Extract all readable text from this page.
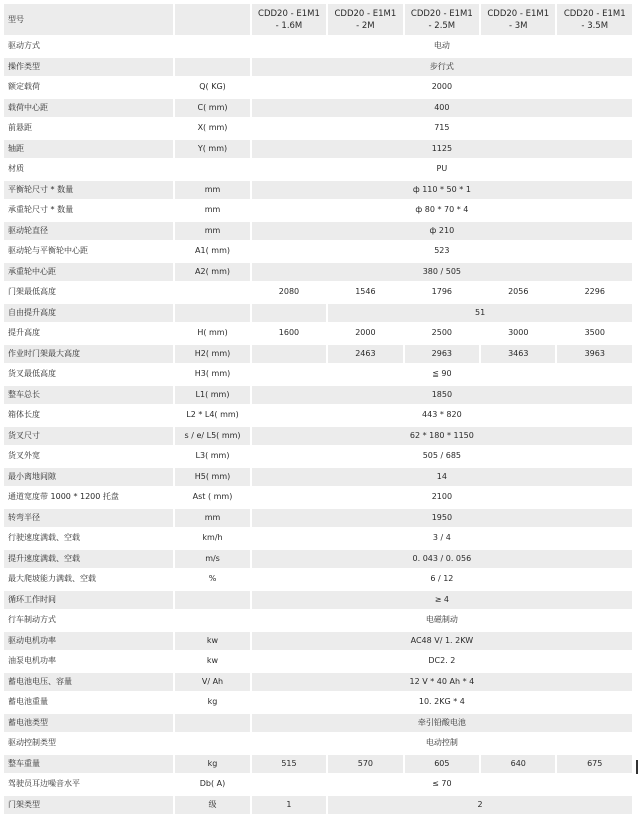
型号		CDD20 - E1M1 - 1.6M	CDD20 - E1M1 - 2M	CDD20 - E1M1 - 2.5M	CDD20 - E1M1 - 3M	CDD20 - E1M1 - 3.5M
驱动方式		电动				
操作类型		步行式				
额定载荷	Q( KG)	2000				
载荷中心距	C( mm)	400				
前悬距	X( mm)	715				
轴距	Y( mm)	1125				
材质		PU				
平衡轮尺寸 * 数量	mm	ф 110 * 50 * 1				
承重轮尺寸 * 数量	mm	ф 80 * 70 * 4				
驱动轮直径	mm	ф 210				
驱动轮与平衡轮中心距	A1( mm)	523				
承重轮中心距	A2( mm)	380 / 505				
门架最低高度		2080	1546	1796	2056	2296
自由提升高度			51			
提升高度	H( mm)	1600	2000	2500	3000	3500
作业时门架最大高度	H2( mm)		2463	2963	3463	3963
货叉最低高度	H3( mm)	≦ 90				
整车总长	L1( mm)	1850				
箱体长度	L2 * L4( mm)	443 * 820				
货叉尺寸	s / e/ L5( mm)	62 * 180 * 1150				
货叉外宽	L3( mm)	505 / 685				
最小离地间隙	H5( mm)	14				
通道宽度带 1000 * 1200 托盘	Ast ( mm)	2100				
转弯半径	mm	1950				
行驶速度满载、空载	km/h	3 / 4				
提升速度满载、空载	m/s	0. 043 / 0. 056				
最大爬坡能力满载、空载	%	6 / 12				
循环工作时间		≥ 4				
行车制动方式		电磁制动				
驱动电机功率	kw	AC48 V/ 1. 2KW				
油泵电机功率	kw	DC2. 2				
蓄电池电压、容量	V/ Ah	12 V * 40 Ah * 4				
蓄电池重量	kg	10. 2KG * 4				
蓄电池类型		牵引铅酸电池				
驱动控制类型		电动控制				
整车重量	kg	515	570	605	640	675
驾驶员耳边噪音水平	Db( A)	≤ 70				
门架类型	级	1	2			
